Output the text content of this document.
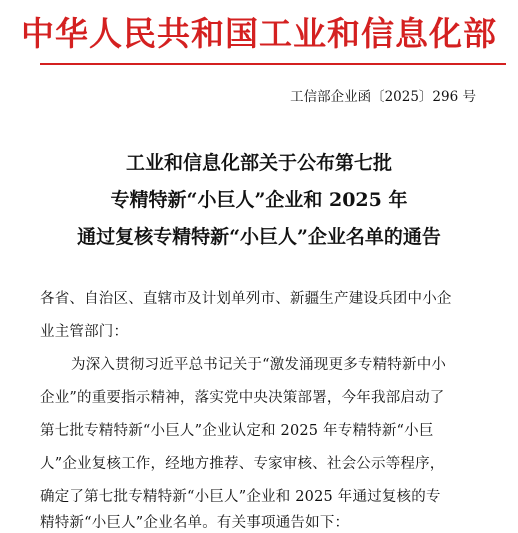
中华人民共和国工业和信息化部
工信部企业函〔2025〕296 号
工业和信息化部关于公布第七批
专精特新“小巨人”企业和 2025 年
通过复核专精特新“小巨人”企业名单的通告
各省、自治区、直辖市及计划单列市、新疆生产建设兵团中小企
业主管部门：
为深入贯彻习近平总书记关于“激发涌现更多专精特新中小
企业”的重要指示精神，落实党中央决策部署，今年我部启动了
第七批专精特新“小巨人”企业认定和 2025 年专精特新“小巨
人”企业复核工作，经地方推荐、专家审核、社会公示等程序，
确定了第七批专精特新“小巨人”企业和 2025 年通过复核的专
精特新“小巨人”企业名单。有关事项通告如下：
